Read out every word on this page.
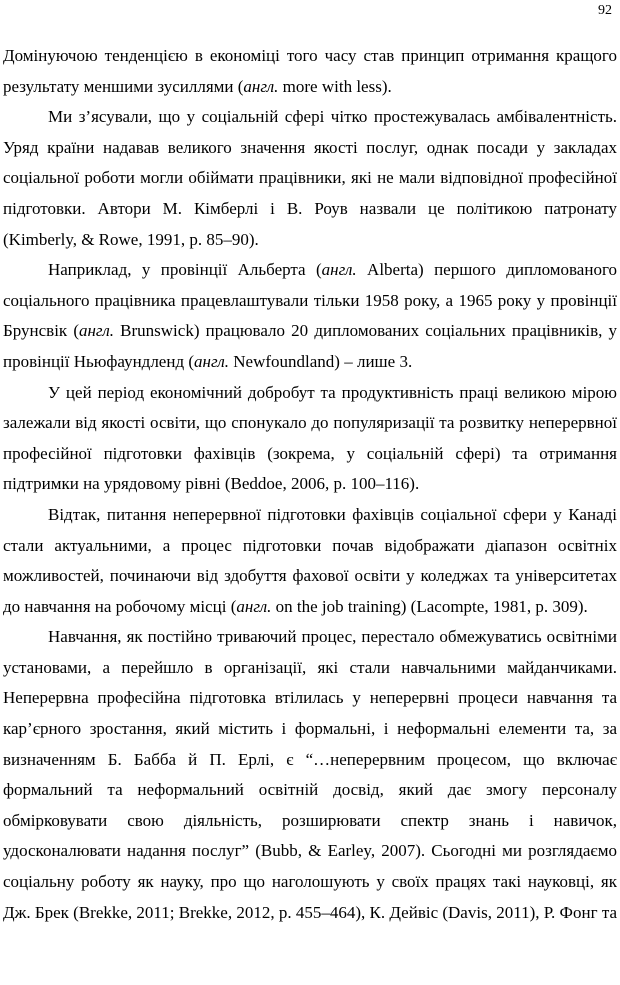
92

Домінуючою тенденцією в економіці того часу став принцип отримання кращого результату меншими зусиллями (англ. more with less).

Ми з’ясували, що у соціальній сфері чітко простежувалась амбівалентність. Уряд країни надавав великого значення якості послуг, однак посади у закладах соціальної роботи могли обіймати працівники, які не мали відповідної професійної підготовки. Автори М. Кімберлі і В. Роув назвали це політикою патронату (Kimberly, & Rowe, 1991, p. 85–90).

Наприклад, у провінції Альберта (англ. Alberta) першого дипломованого соціального працівника працевлаштували тільки 1958 року, а 1965 року у провінції Брунсвік (англ. Brunswick) працювало 20 дипломованих соціальних працівників, у провінції Ньюфаундленд (англ. Newfoundland) – лише 3.

У цей період економічний добробут та продуктивність праці великою мірою залежали від якості освіти, що спонукало до популяризації та розвитку неперервної професійної підготовки фахівців (зокрема, у соціальній сфері) та отримання підтримки на урядовому рівні (Beddoe, 2006, p. 100–116).

Відтак, питання неперервної підготовки фахівців соціальної сфери у Канаді стали актуальними, а процес підготовки почав відображати діапазон освітніх можливостей, починаючи від здобуття фахової освіти у коледжах та університетах до навчання на робочому місці (англ. on the job training) (Lacompte, 1981, p. 309).

Навчання, як постійно триваючий процес, перестало обмежуватись освітніми установами, а перейшло в організації, які стали навчальними майданчиками. Неперервна професійна підготовка втілилась у неперервні процеси навчання та кар’єрного зростання, який містить і формальні, і неформальні елементи та, за визначенням Б. Бабба й П. Ерлі, є “…неперервним процесом, що включає формальний та неформальний освітній досвід, який дає змогу персоналу обмірковувати свою діяльність, розширювати спектр знань і навичок, удосконалювати надання послуг” (Bubb, & Earley, 2007). Сьогодні ми розглядаємо соціальну роботу як науку, про що наголошують у своїх працях такі науковці, як Дж. Брек (Brekke, 2011; Brekke, 2012, p. 455–464), К. Дейвіс (Davis, 2011), Р. Фонг та
